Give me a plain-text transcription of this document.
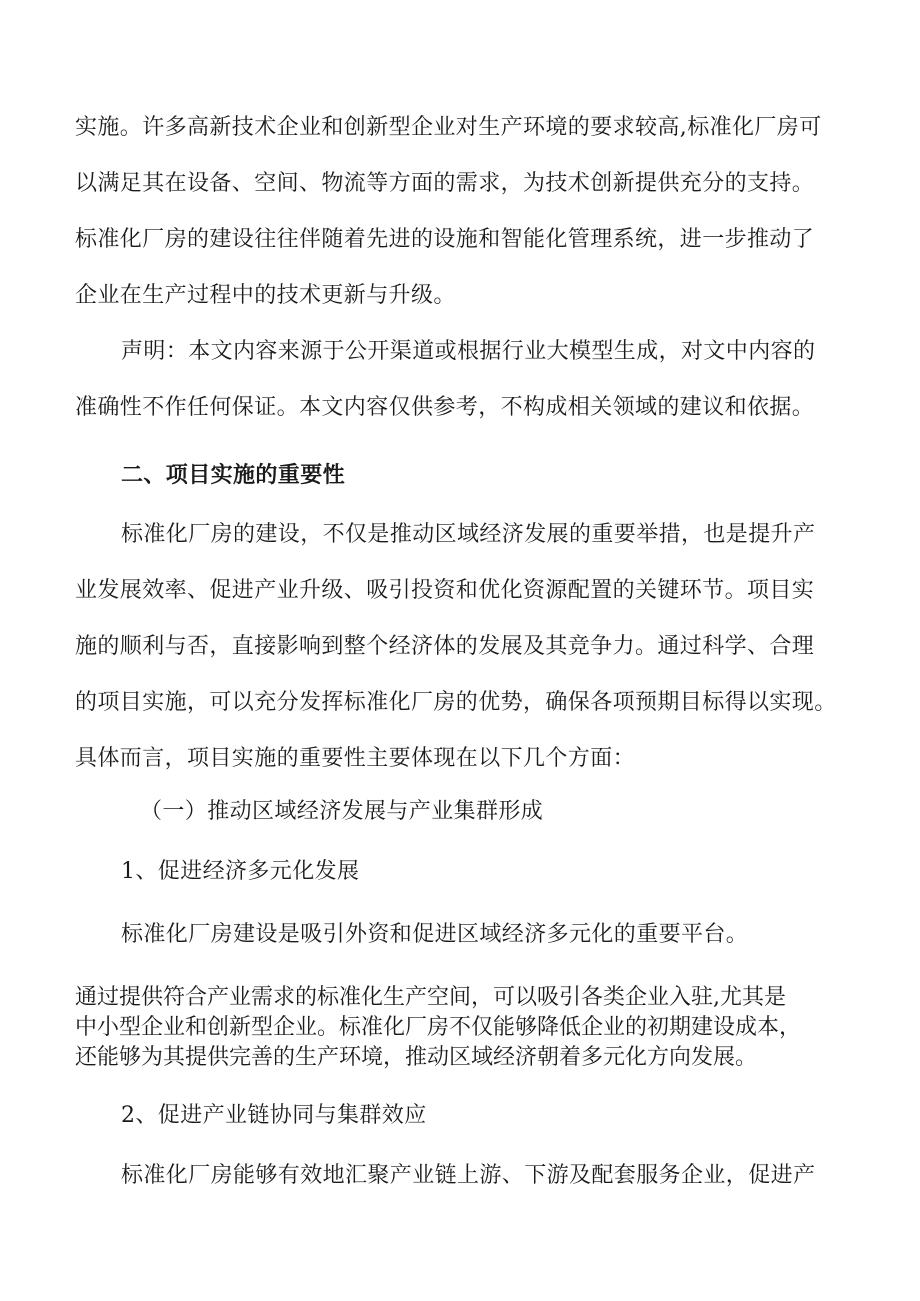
实施。许多高新技术企业和创新型企业对生产环境的要求较高,标准化厂房可
以满足其在设备、空间、物流等方面的需求，为技术创新提供充分的支持。
标准化厂房的建设往往伴随着先进的设施和智能化管理系统，进一步推动了
企业在生产过程中的技术更新与升级。
声明：本文内容来源于公开渠道或根据行业大模型生成，对文中内容的
准确性不作任何保证。本文内容仅供参考，不构成相关领域的建议和依据。
二、项目实施的重要性
标准化厂房的建设，不仅是推动区域经济发展的重要举措，也是提升产
业发展效率、促进产业升级、吸引投资和优化资源配置的关键环节。项目实
施的顺利与否，直接影响到整个经济体的发展及其竞争力。通过科学、合理
的项目实施，可以充分发挥标准化厂房的优势，确保各项预期目标得以实现。
具体而言，项目实施的重要性主要体现在以下几个方面：
（一）推动区域经济发展与产业集群形成
1、促进经济多元化发展
标准化厂房建设是吸引外资和促进区域经济多元化的重要平台。
通过提供符合产业需求的标准化生产空间，可以吸引各类企业入驻,尤其是
中小型企业和创新型企业。标准化厂房不仅能够降低企业的初期建设成本，
还能够为其提供完善的生产环境，推动区域经济朝着多元化方向发展。
2、促进产业链协同与集群效应
标准化厂房能够有效地汇聚产业链上游、下游及配套服务企业，促进产
